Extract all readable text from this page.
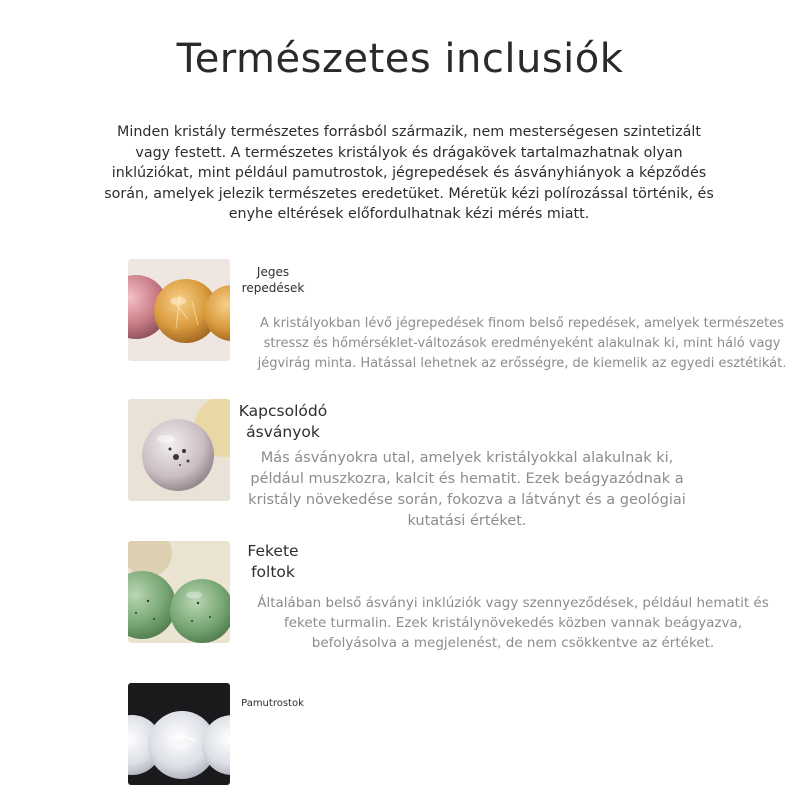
Természetes inclusiók
Minden kristály természetes forrásból származik, nem mesterségesen szintetizált vagy festett. A természetes kristályok és drágakövek tartalmazhatnak olyan inklúziókat, mint például pamutrostok, jégrepedések és ásványhiányok a képződés során, amelyek jelezik természetes eredetüket. Méretük kézi polírozással történik, és enyhe eltérések előfordulhatnak kézi mérés miatt.
Jeges repedések
A kristályokban lévő jégrepedések finom belső repedések, amelyek természetes stressz és hőmérséklet-változások eredményeként alakulnak ki, mint háló vagy jégvirág minta. Hatással lehetnek az erősségre, de kiemelik az egyedi esztétikát.
Kapcsolódó ásványok
Más ásványokra utal, amelyek kristályokkal alakulnak ki, például muszkozra, kalcit és hematit. Ezek beágyazódnak a kristály növekedése során, fokozva a látványt és a geológiai kutatási értéket.
Fekete foltok
Általában belső ásványi inklúziók vagy szennyeződések, például hematit és fekete turmalin. Ezek kristálynövekedés közben vannak beágyazva, befolyásolva a megjelenést, de nem csökkentve az értéket.
Pamutrostok
